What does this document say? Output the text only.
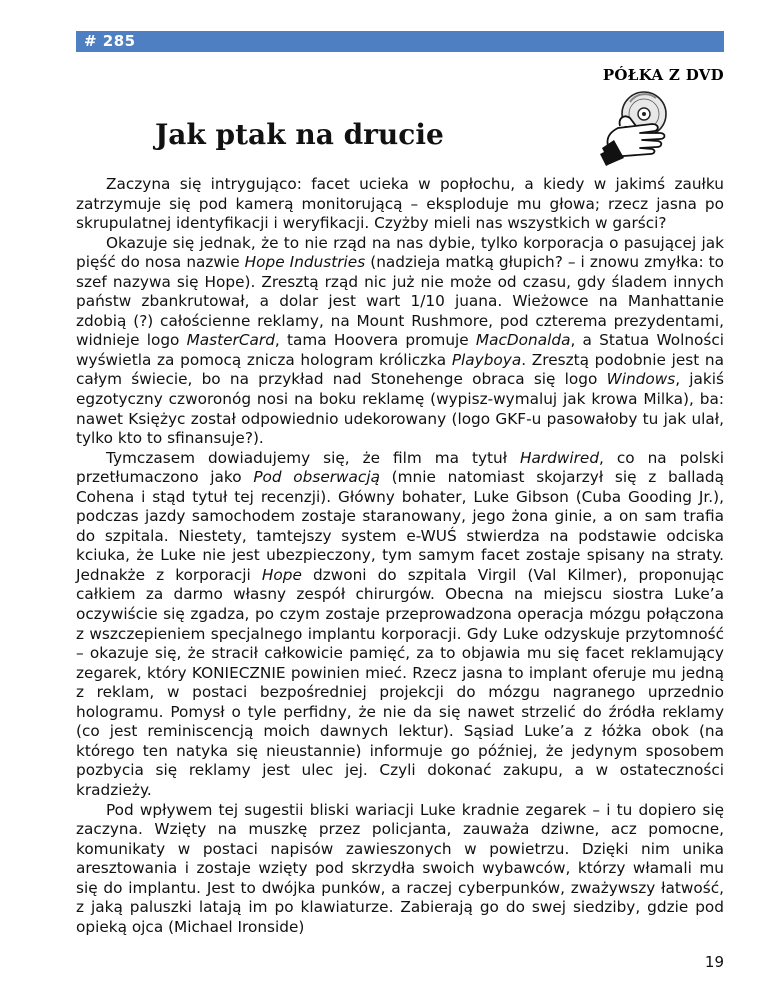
# 285
PÓŁKA Z DVD
Jak ptak na drucie

Zaczyna się intrygująco: facet ucieka w popłochu, a kiedy w jakimś zaułku zatrzymuje się pod kamerą monitorującą – eksploduje mu głowa; rzecz jasna po skrupulatnej identyfikacji i weryfikacji. Czyżby mieli nas wszystkich w garści?

Okazuje się jednak, że to nie rząd na nas dybie, tylko korporacja o pasującej jak pięść do nosa nazwie Hope Industries (nadzieja matką głupich? – i znowu zmyłka: to szef nazywa się Hope). Zresztą rząd nic już nie może od czasu, gdy śladem innych państw zbankrutował, a dolar jest wart 1/10 juana. Wieżowce na Manhattanie zdobią (?) całościenne reklamy, na Mount Rushmore, pod czterema prezydentami, widnieje logo MasterCard, tama Hoovera promuje MacDonalda, a Statua Wolności wyświetla za pomocą znicza hologram króliczka Playboya. Zresztą podobnie jest na całym świecie, bo na przykład nad Stonehenge obraca się logo Windows, jakiś egzotyczny czworonóg nosi na boku reklamę (wypisz-wymaluj jak krowa Milka), ba: nawet Księżyc został odpowiednio udekorowany (logo GKF-u pasowałoby tu jak ulał, tylko kto to sfinansuje?).

Tymczasem dowiadujemy się, że film ma tytuł Hardwired, co na polski przetłumaczono jako Pod obserwacją (mnie natomiast skojarzył się z balladą Cohena i stąd tytuł tej recenzji). Główny bohater, Luke Gibson (Cuba Gooding Jr.), podczas jazdy samochodem zostaje staranowany, jego żona ginie, a on sam trafia do szpitala. Niestety, tamtejszy system e-WUŚ stwierdza na podstawie odciska kciuka, że Luke nie jest ubezpieczony, tym samym facet zostaje spisany na straty. Jednakże z korporacji Hope dzwoni do szpitala Virgil (Val Kilmer), proponując całkiem za darmo własny zespół chirurgów. Obecna na miejscu siostra Luke’a oczywiście się zgadza, po czym zostaje przeprowadzona operacja mózgu połączona z wszczepieniem specjalnego implantu korporacji. Gdy Luke odzyskuje przytomność – okazuje się, że stracił całkowicie pamięć, za to objawia mu się facet reklamujący zegarek, który KONIECZNIE powinien mieć. Rzecz jasna to implant oferuje mu jedną z reklam, w postaci bezpośredniej projekcji do mózgu nagranego uprzednio hologramu. Pomysł o tyle perfidny, że nie da się nawet strzelić do źródła reklamy (co jest reminiscencją moich dawnych lektur). Sąsiad Luke’a z łóżka obok (na którego ten natyka się nieustannie) informuje go później, że jedynym sposobem pozbycia się reklamy jest ulec jej. Czyli dokonać zakupu, a w ostateczności kradzieży.

Pod wpływem tej sugestii bliski wariacji Luke kradnie zegarek – i tu dopiero się zaczyna. Wzięty na muszkę przez policjanta, zauważa dziwne, acz pomocne, komunikaty w postaci napisów zawieszonych w powietrzu. Dzięki nim unika aresztowania i zostaje wzięty pod skrzydła swoich wybawców, którzy włamali mu się do implantu. Jest to dwójka punków, a raczej cyberpunków, zważywszy łatwość, z jaką paluszki latają im po klawiaturze. Zabierają go do swej siedziby, gdzie pod opieką ojca (Michael Ironside)

19
